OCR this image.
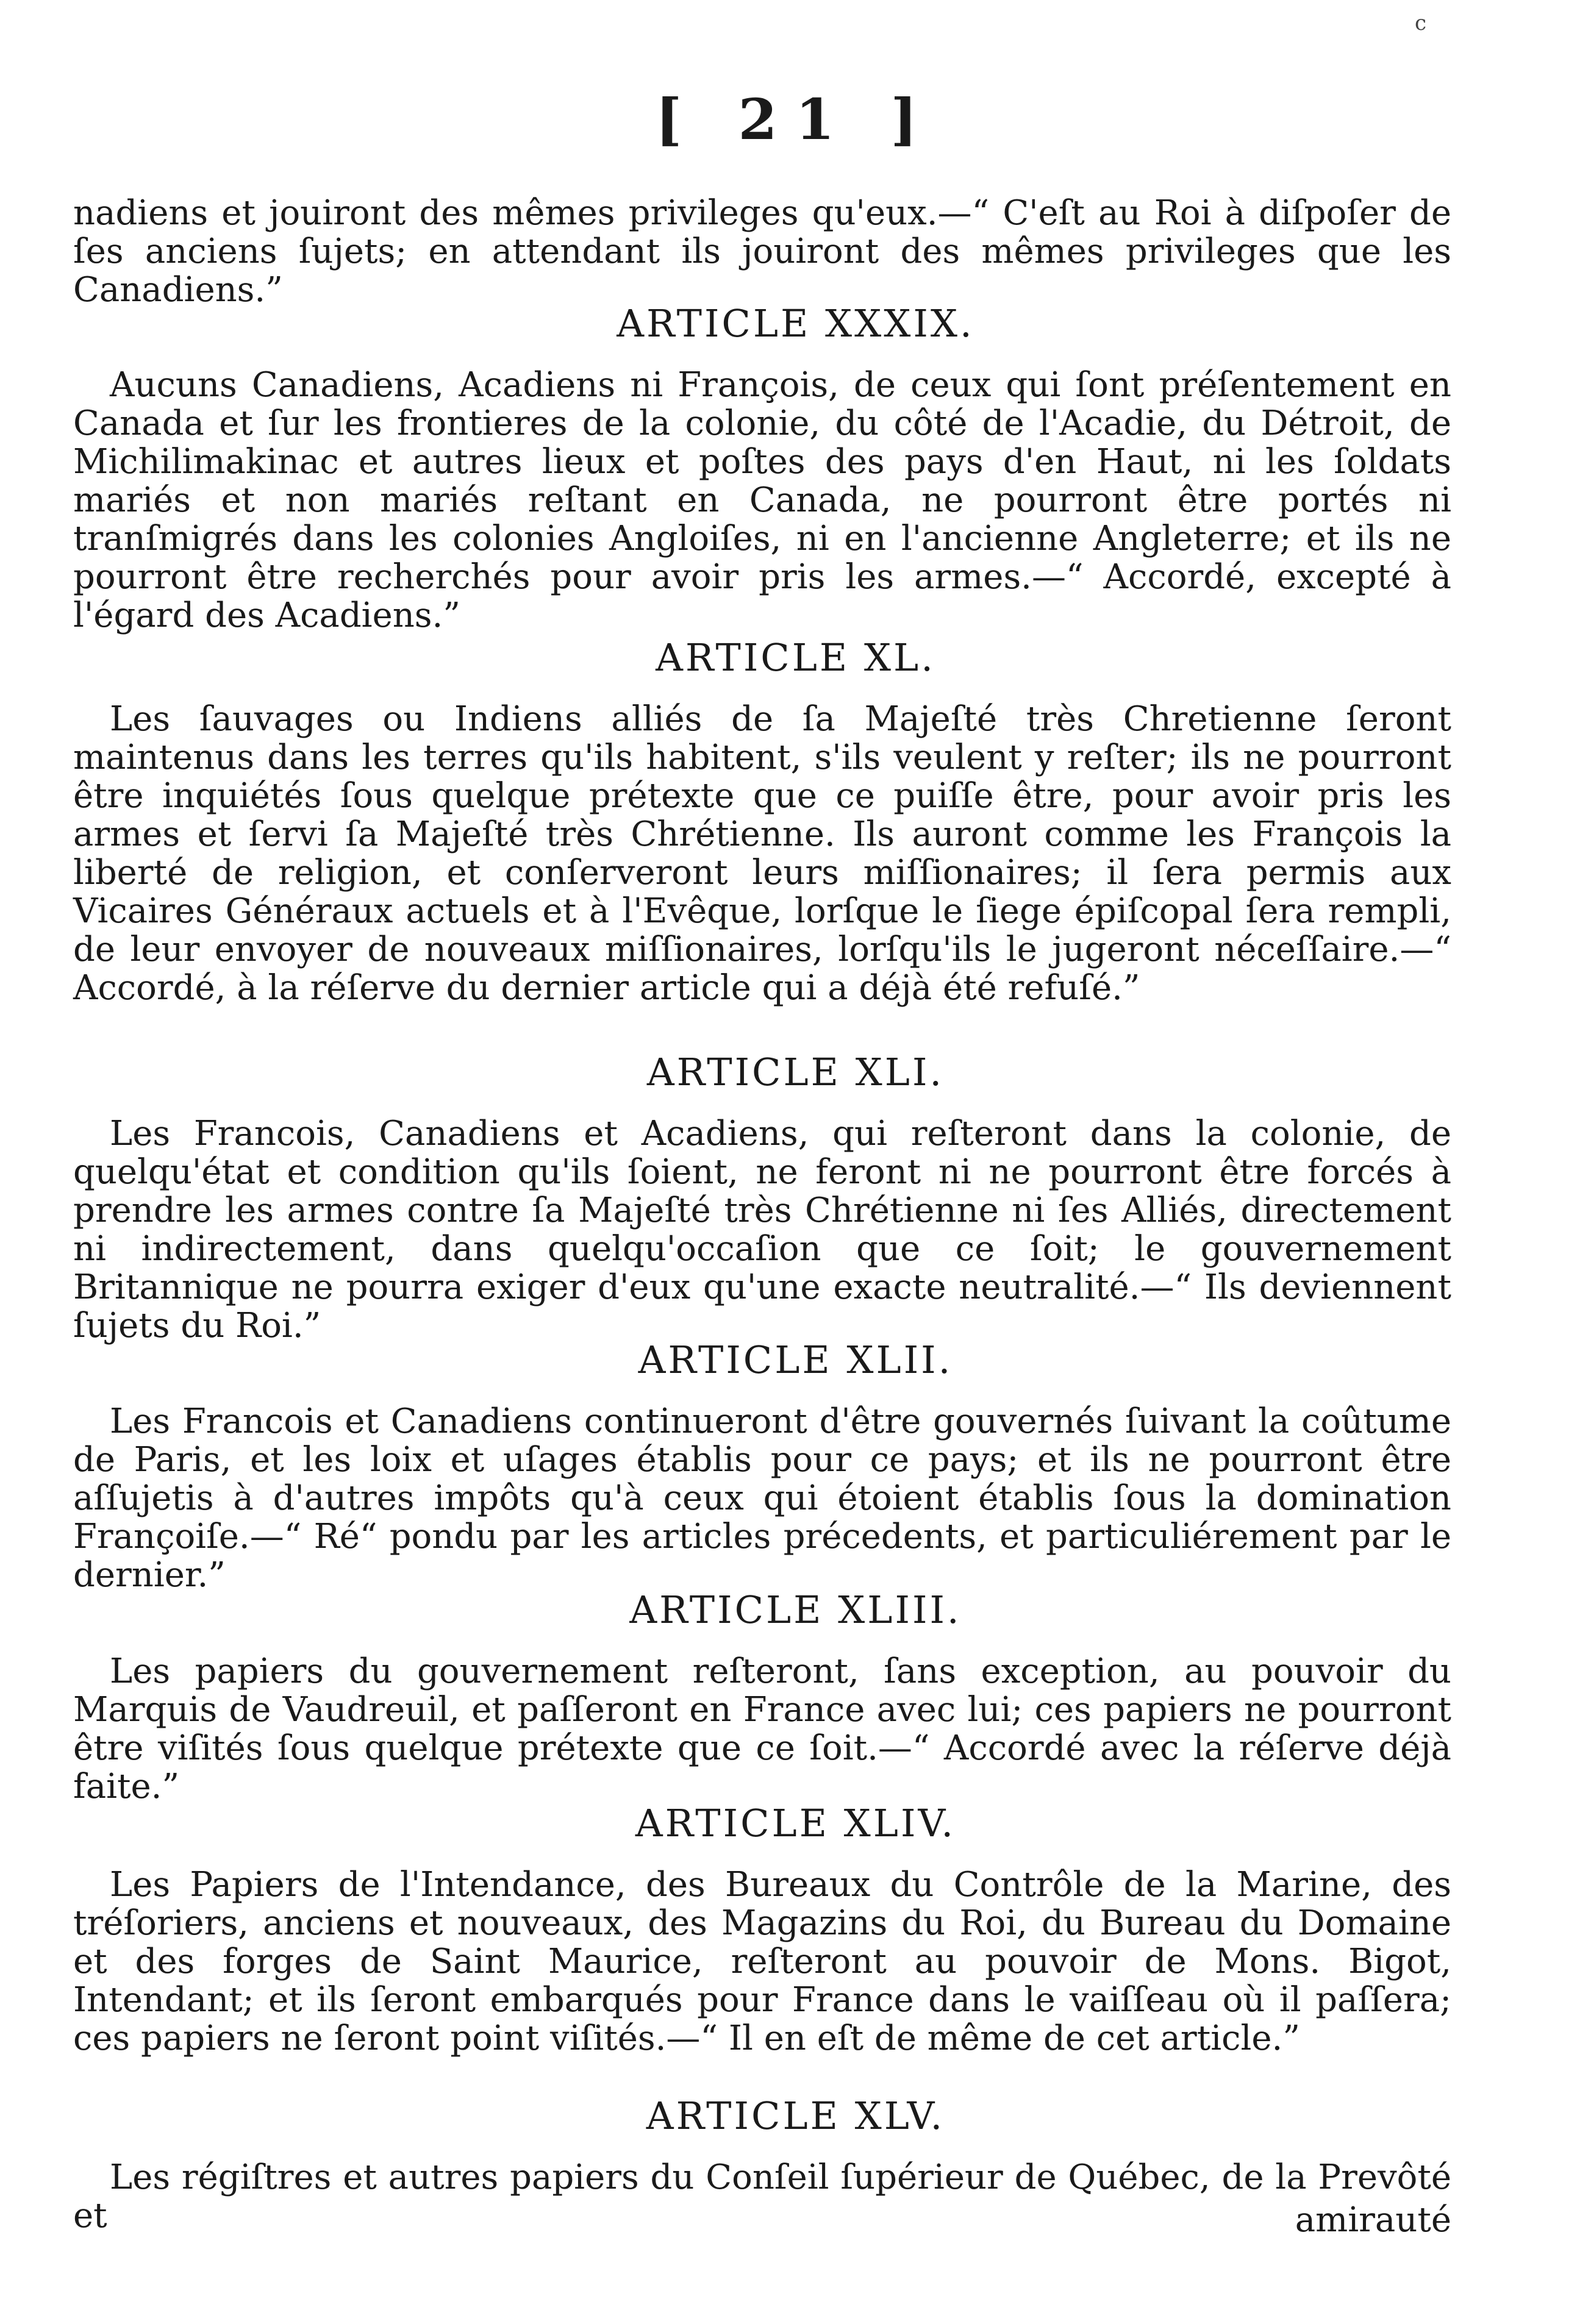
c
[ 21 ]

nadiens et jouiront des mêmes privileges qu'eux.—“ C'eſt au Roi à diſpoſer de ſes anciens ſujets; en attendant ils jouiront des mêmes privileges que les Canadiens.”

ARTICLE XXXIX.

Aucuns Canadiens, Acadiens ni François, de ceux qui ſont préſentement en Canada et ſur les frontieres de la colonie, du côté de l'Acadie, du Détroit, de Michilimakinac et autres lieux et poſtes des pays d'en Haut, ni les ſoldats mariés et non mariés reſtant en Canada, ne pourront être portés ni tranſmigrés dans les colonies Angloiſes, ni en l'ancienne Angleterre; et ils ne pourront être recherchés pour avoir pris les armes.—“ Accordé, excepté à l'égard des Acadiens.”

ARTICLE XL.

Les ſauvages ou Indiens alliés de ſa Majeſté très Chretienne ſeront maintenus dans les terres qu'ils habitent, s'ils veulent y reſter; ils ne pourront être inquiétés ſous quelque prétexte que ce puiſſe être, pour avoir pris les armes et ſervi ſa Majeſté très Chrétienne. Ils auront comme les François la liberté de religion, et conſerveront leurs miſſionaires; il ſera permis aux Vicaires Généraux actuels et à l'Evêque, lorſque le ſiege épiſcopal ſera rempli, de leur envoyer de nouveaux miſſionaires, lorſqu'ils le jugeront néceſſaire.—“ Accordé, à la réſerve du dernier article qui a déjà été refuſé.”

ARTICLE XLI.

Les Francois, Canadiens et Acadiens, qui reſteront dans la colonie, de quelqu'état et condition qu'ils ſoient, ne feront ni ne pourront être forcés à prendre les armes contre ſa Majeſté très Chrétienne ni ſes Alliés, directement ni indirectement, dans quelqu'occaſion que ce ſoit; le gouvernement Britannique ne pourra exiger d'eux qu'une exacte neutralité.—“ Ils deviennent ſujets du Roi.”

ARTICLE XLII.

Les Francois et Canadiens continueront d'être gouvernés ſuivant la coûtume de Paris, et les loix et uſages établis pour ce pays; et ils ne pourront être aſſujetis à d'autres impôts qu'à ceux qui étoient établis ſous la domination Françoiſe.—“ Ré“ pondu par les articles précedents, et particuliérement par le dernier.”

ARTICLE XLIII.

Les papiers du gouvernement reſteront, ſans exception, au pouvoir du Marquis de Vaudreuil, et paſſeront en France avec lui; ces papiers ne pourront être viſités ſous quelque prétexte que ce ſoit.—“ Accordé avec la réſerve déjà faite.”

ARTICLE XLIV.

Les Papiers de l'Intendance, des Bureaux du Contrôle de la Marine, des tréſoriers, anciens et nouveaux, des Magazins du Roi, du Bureau du Domaine et des forges de Saint Maurice, reſteront au pouvoir de Mons. Bigot, Intendant; et ils ſeront embarqués pour France dans le vaiſſeau où il paſſera; ces papiers ne ſeront point viſités.—“ Il en eſt de même de cet article.”

ARTICLE XLV.

Les régiſtres et autres papiers du Conſeil ſupérieur de Québec, de la Prevôté et	amirauté
